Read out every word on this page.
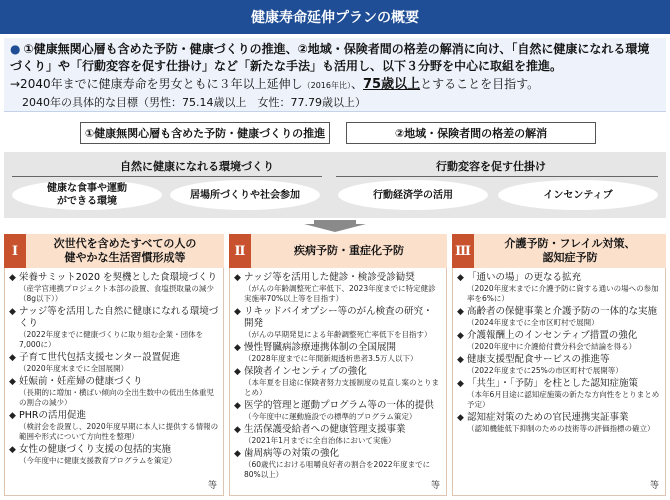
健康寿命延伸プランの概要
● ①健康無関心層も含めた予防・健康づくりの推進、②地域・保険者間の格差の解消に向け、「自然に健康になれる環境づくり」や「行動変容を促す仕掛け」など「新たな手法」も活用し、以下３分野を中心に取組を推進。
→2040年までに健康寿命を男女ともに３年以上延伸し（2016年比）、75歳以上とすることを目指す。
2040年の具体的な目標（男性：75.14歳以上　女性：77.79歳以上）
①健康無関心層も含めた予防・健康づくりの推進	②地域・保険者間の格差の解消
自然に健康になれる環境づくり	行動変容を促す仕掛け
健康な食事や運動
ができる環境
居場所づくりや社会参加	行動経済学の活用	インセンティブ
Ⅰ	次世代を含めたすべての人の
健やかな生活習慣形成等
◆ 栄養サミット2020 を契機とした食環境づくり
（産学官連携プロジェクト本部の設置、食塩摂取量の減少（8g以下））
◆ ナッジ等を活用した自然に健康になれる環境づくり
（2022年度までに健康づくりに取り組む企業・団体を7,000に）
◆ 子育て世代包括支援センター設置促進
（2020年度末までに全国展開）
◆ 妊娠前・妊産婦の健康づくり
（長期的に増加・横ばい傾向の全出生数中の低出生体重児の割合の減少）
◆ PHRの活用促進
（検討会を設置し、2020年度早期に本人に提供する情報の範囲や形式について方向性を整理）
◆ 女性の健康づくり支援の包括的実施
（今年度中に健康支援教育プログラムを策定）
等
Ⅱ	疾病予防・重症化予防
◆ ナッジ等を活用した健診・検診受診勧奨
（がんの年齢調整死亡率低下、2023年度までに特定健診実施率70%以上等を目指す）
◆ リキッドバイオプシー等のがん検査の研究・開発
（がんの早期発見による年齢調整死亡率低下を目指す）
◆ 慢性腎臓病診療連携体制の全国展開
（2028年度までに年間新規透析患者3.5万人以下）
◆ 保険者インセンティブの強化
（本年夏を目途に保険者努力支援制度の見直し案のとりまとめ）
◆ 医学的管理と運動プログラム等の一体的提供
（今年度中に運動施設での標準的プログラム策定）
◆ 生活保護受給者への健康管理支援事業
（2021年1月までに全自治体において実施）
◆ 歯周病等の対策の強化
（60歳代における咀嚼良好者の割合を2022年度までに80%以上）
等
Ⅲ	介護予防・フレイル対策、
認知症予防
◆ 「通いの場」の更なる拡充
（2020年度末までに介護予防に資する通いの場への参加率を6%に）
◆ 高齢者の保健事業と介護予防の一体的な実施
（2024年度までに全市区町村で展開）
◆ 介護報酬上のインセンティブ措置の強化
（2020年度中に介護給付費分科会で結論を得る）
◆ 健康支援型配食サービスの推進等
（2022年度までに25%の市区町村で展開等）
◆ 「共生」・「予防」を柱とした認知症施策
（本年6月目途に認知症施策の新たな方向性をとりまとめ予定）
◆ 認知症対策のための官民連携実証事業
（認知機能低下抑制のための技術等の評価指標の確立）
等
